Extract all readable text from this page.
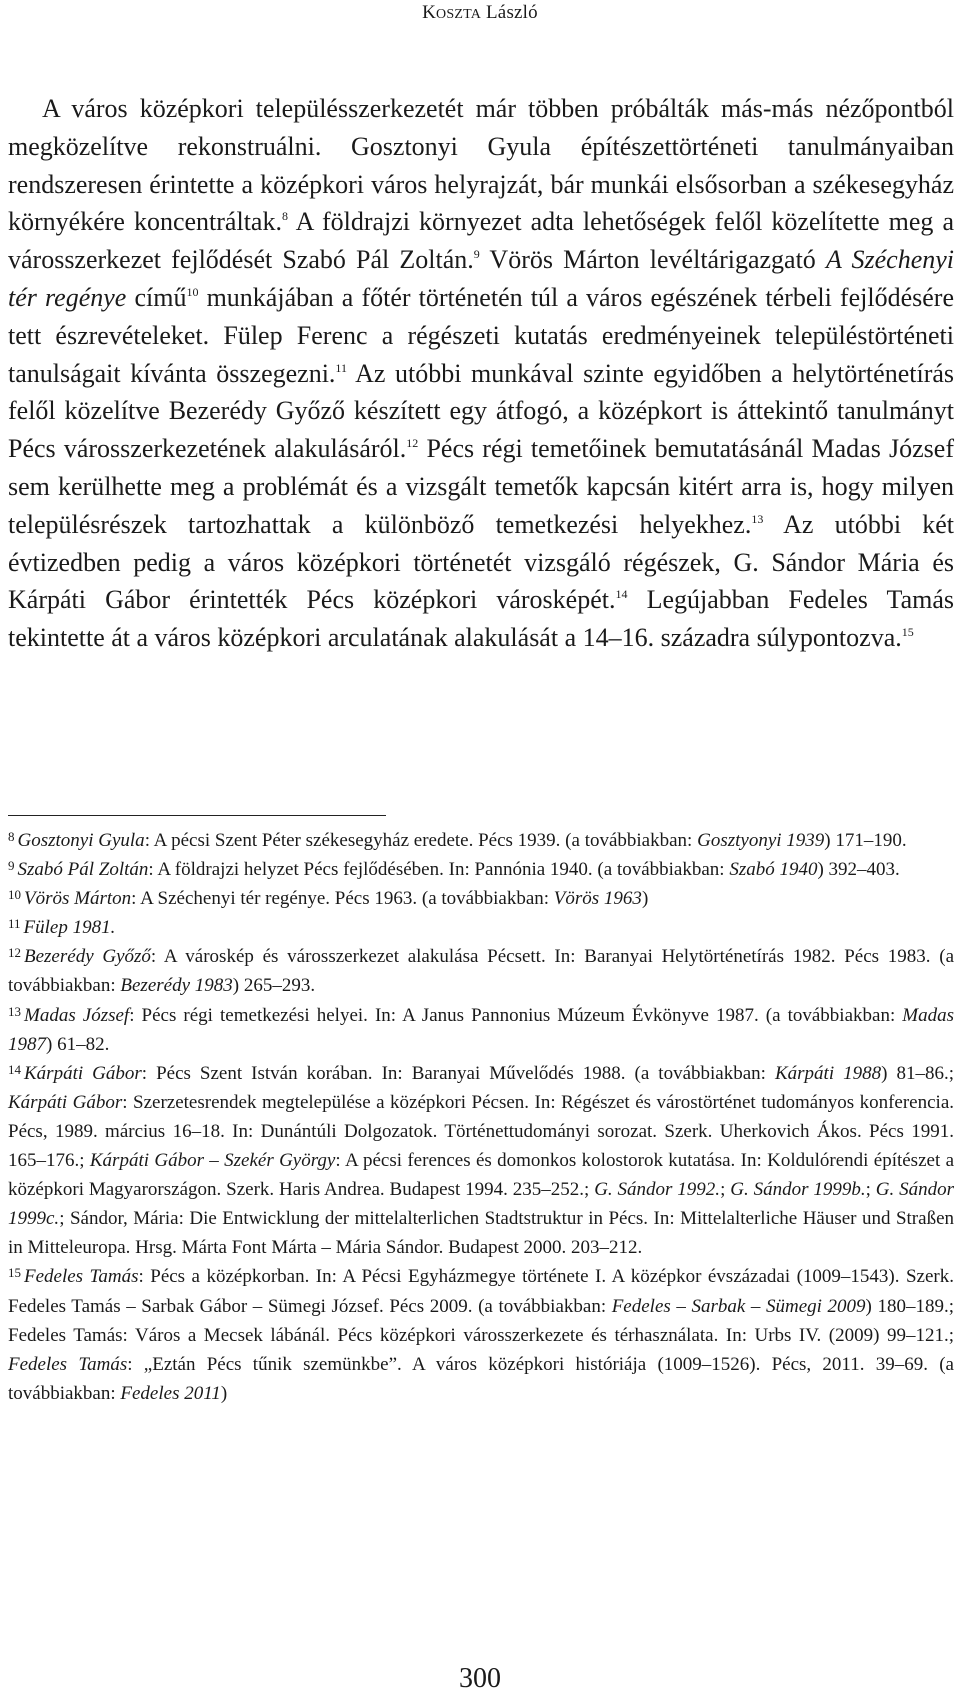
KOSZTA László

A város középkori településszerkezetét már többen próbálták más-más nézőpontból megközelítve rekonstruálni. Gosztonyi Gyula építészettörténeti tanulmányaiban rendszeresen érintette a középkori város helyrajzát, bár munkái elsősorban a székesegyház környékére koncentráltak.$^8$ A földrajzi környezet adta lehetőségek felől közelítette meg a városszerkezet fejlődését Szabó Pál Zoltán.$^9$ Vörös Márton levéltárigazgató A Széchenyi tér regénye című$^{10}$ munkájában a főtér történetén túl a város egészének térbeli fejlődésére tett észrevételeket. Fülep Ferenc a régészeti kutatás eredményeinek településtörténeti tanulságait kívánta összegezni.$^{11}$ Az utóbbi munkával szinte egyidőben a helytörténetírás felől közelítve Bezerédy Győző készített egy átfogó, a középkort is áttekintő tanulmányt Pécs városszerkezetének alakulásáról.$^{12}$ Pécs régi temetőinek bemutatásánál Madas József sem kerülhette meg a problémát és a vizsgált temetők kapcsán kitért arra is, hogy milyen településrészek tartozhattak a különböző temetkezési helyekhez.$^{13}$ Az utóbbi két évtizedben pedig a város középkori történetét vizsgáló régészek, G. Sándor Mária és Kárpáti Gábor érintették Pécs középkori városképét.$^{14}$ Legújabban Fedeles Tamás tekintette át a város középkori arculatának alakulását a 14–16. századra súlypontozva.$^{15}$

$^8$ Gosztonyi Gyula: A pécsi Szent Péter székesegyház eredete. Pécs 1939. (a továbbiakban: Gosztyonyi 1939) 171–190.

$^9$ Szabó Pál Zoltán: A földrajzi helyzet Pécs fejlődésében. In: Pannónia 1940. (a továbbiakban: Szabó 1940) 392–403.

$^{10}$ Vörös Márton: A Széchenyi tér regénye. Pécs 1963. (a továbbiakban: Vörös 1963)

$^{11}$ Fülep 1981.

$^{12}$ Bezerédy Győző: A városkép és városszerkezet alakulása Pécsett. In: Baranyai Helytörténetírás 1982. Pécs 1983. (a továbbiakban: Bezerédy 1983) 265–293.

$^{13}$ Madas József: Pécs régi temetkezési helyei. In: A Janus Pannonius Múzeum Évkönyve 1987. (a továbbiakban: Madas 1987) 61–82.

$^{14}$ Kárpáti Gábor: Pécs Szent István korában. In: Baranyai Művelődés 1988. (a továbbiakban: Kárpáti 1988) 81–86.; Kárpáti Gábor: Szerzetesrendek megtelepülése a középkori Pécsen. In: Régészet és várostörténet tudományos konferencia. Pécs, 1989. március 16–18. In: Dunántúli Dolgozatok. Történettudományi sorozat. Szerk. Uherkovich Ákos. Pécs 1991. 165–176.; Kárpáti Gábor – Szekér György: A pécsi ferences és domonkos kolostorok kutatása. In: Koldulórendi építészet a középkori Magyarországon. Szerk. Haris Andrea. Budapest 1994. 235–252.; G. Sándor 1992.; G. Sándor 1999b.; G. Sándor 1999c.; Sándor, Mária: Die Entwicklung der mittelalterlichen Stadtstruktur in Pécs. In: Mittelalterliche Häuser und Straßen in Mitteleuropa. Hrsg. Márta Font Márta – Mária Sándor. Budapest 2000. 203–212.

$^{15}$ Fedeles Tamás: Pécs a középkorban. In: A Pécsi Egyházmegye története I. A középkor évszázadai (1009–1543). Szerk. Fedeles Tamás – Sarbak Gábor – Sümegi József. Pécs 2009. (a továbbiakban: Fedeles – Sarbak – Sümegi 2009) 180–189.; Fedeles Tamás: Város a Mecsek lábánál. Pécs középkori városszerkezete és térhasználata. In: Urbs IV. (2009) 99–121.; Fedeles Tamás: „Eztán Pécs tűnik szemünkbe”. A város középkori históriája (1009–1526). Pécs, 2011. 39–69. (a továbbiakban: Fedeles 2011)

300
